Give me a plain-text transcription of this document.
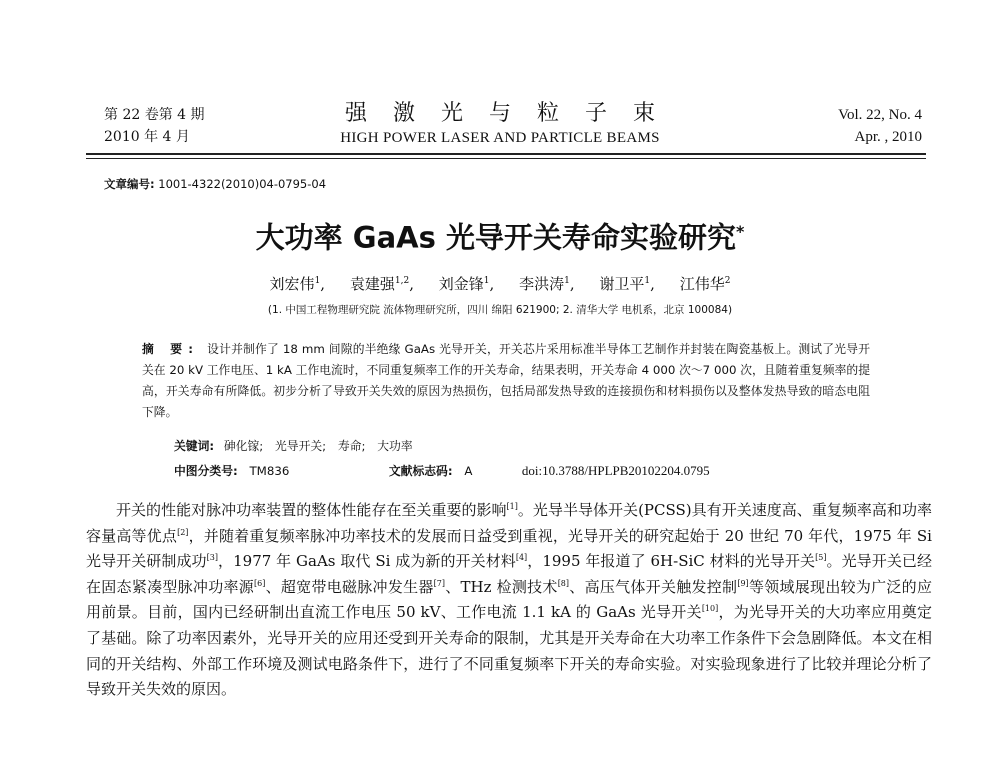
第 22 卷第 4 期
2010 年 4 月
强激光与粒子束
HIGH POWER LASER AND PARTICLE BEAMS
Vol. 22, No. 4
Apr. , 2010
文章编号: 1001-4322(2010)04-0795-04
大功率 GaAs 光导开关寿命实验研究*
刘宏伟$^1$, 袁建强$^{1,2}$, 刘金锋$^1$, 李洪涛$^1$, 谢卫平$^1$, 江伟华$^2$
(1. 中国工程物理研究院 流体物理研究所，四川 绵阳 621900; 2. 清华大学 电机系，北京 100084)
摘 要: 设计并制作了 18 mm 间隙的半绝缘 GaAs 光导开关，开关芯片采用标准半导体工艺制作并封装在陶瓷基板上。测试了光导开关在 20 kV 工作电压、1 kA 工作电流时，不同重复频率工作的开关寿命，结果表明，开关寿命 4 000 次～7 000 次，且随着重复频率的提高，开关寿命有所降低。初步分析了导致开关失效的原因为热损伤，包括局部发热导致的连接损伤和材料损伤以及整体发热导致的暗态电阻下降。
关键词: 砷化镓; 光导开关; 寿命; 大功率
中图分类号: TM836	文献标志码: A	doi:10.3788/HPLPB20102204.0795
开关的性能对脉冲功率装置的整体性能存在至关重要的影响[1]。光导半导体开关(PCSS)具有开关速度高、重复频率高和功率容量高等优点[2]，并随着重复频率脉冲功率技术的发展而日益受到重视，光导开关的研究起始于 20 世纪 70 年代，1975 年 Si 光导开关研制成功[3]，1977 年 GaAs 取代 Si 成为新的开关材料[4]，1995 年报道了 6H-SiC 材料的光导开关[5]。光导开关已经在固态紧凑型脉冲功率源[6]、超宽带电磁脉冲发生器[7]、THz 检测技术[8]、高压气体开关触发控制[9]等领域展现出较为广泛的应用前景。目前，国内已经研制出直流工作电压 50 kV、工作电流 1.1 kA 的 GaAs 光导开关[10]，为光导开关的大功率应用奠定了基础。除了功率因素外，光导开关的应用还受到开关寿命的限制，尤其是开关寿命在大功率工作条件下会急剧降低。本文在相同的开关结构、外部工作环境及测试电路条件下，进行了不同重复频率下开关的寿命实验。对实验现象进行了比较并理论分析了导致开关失效的原因。
